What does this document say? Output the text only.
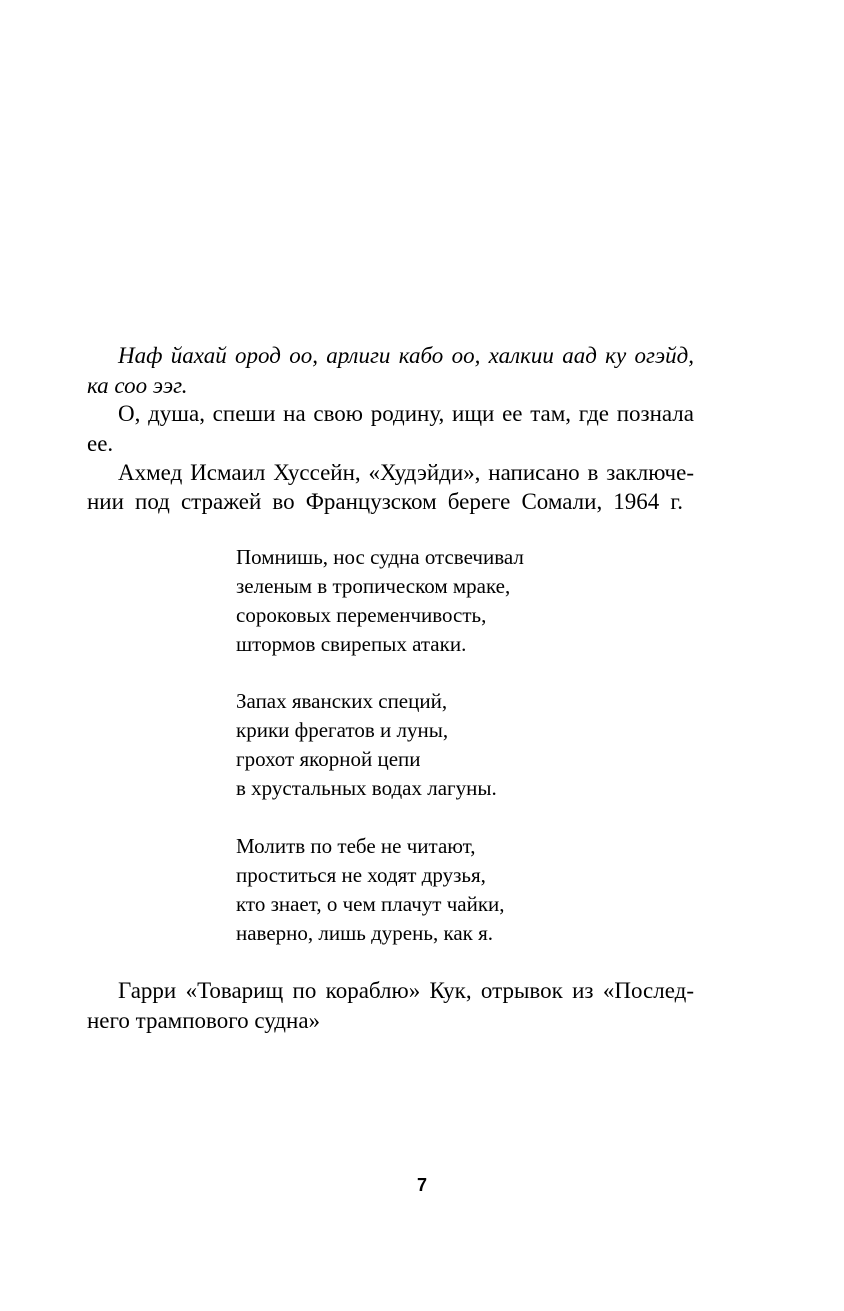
Наф йахай ород оо, арлиги кабо оо, халкии аад ку огэйд,
ка соо ээг.
О, душа, спеши на свою родину, ищи ее там, где познала
ее.
Ахмед Исмаил Хуссейн, «Худэйди», написано в заключе-
нии под стражей во Французском береге Сомали, 1964 г.
Помнишь, нос судна отсвечивал
зеленым в тропическом мраке,
сороковых переменчивость,
штормов свирепых атаки.
Запах яванских специй,
крики фрегатов и луны,
грохот якорной цепи
в хрустальных водах лагуны.
Молитв по тебе не читают,
проститься не ходят друзья,
кто знает, о чем плачут чайки,
наверно, лишь дурень, как я.
Гарри «Товарищ по кораблю» Кук, отрывок из «Послед-
него трампового судна»
7
